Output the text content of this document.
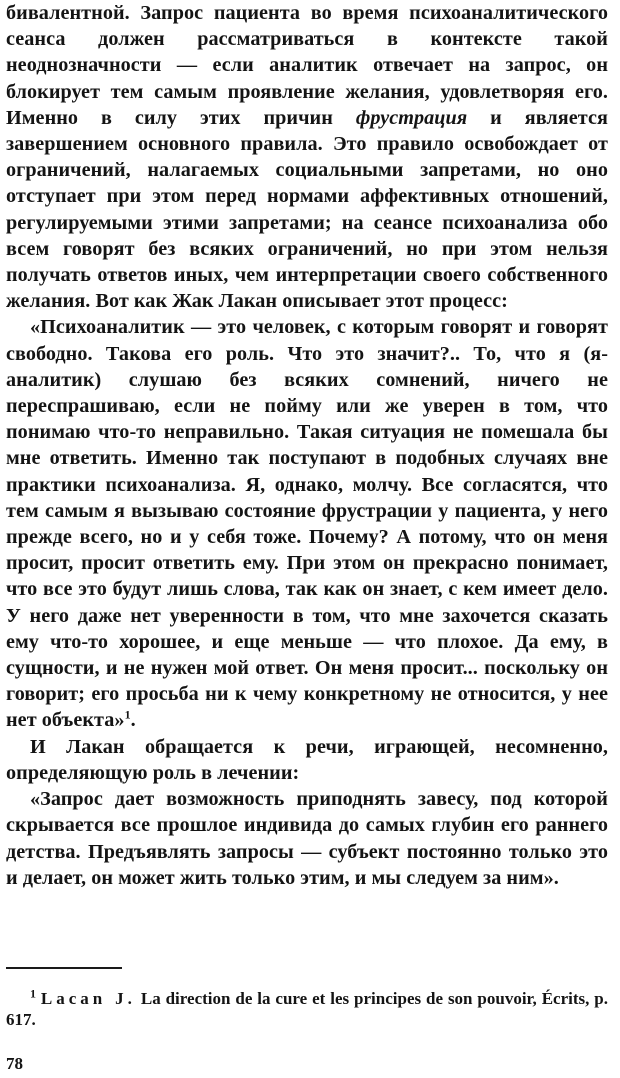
бивалентной. Запрос пациента во время психоаналитического сеанса должен рассматриваться в контексте такой неоднозначности — если аналитик отвечает на запрос, он блокирует тем самым проявление желания, удовлетворяя его. Именно в силу этих причин фрустрация и является завершением основного правила. Это правило освобождает от ограничений, налагаемых социальными запретами, но оно отступает при этом перед нормами аффективных отношений, регулируемыми этими запретами; на сеансе психоанализа обо всем говорят без всяких ограничений, но при этом нельзя получать ответов иных, чем интерпретации своего собственного желания. Вот как Жак Лакан описывает этот процесс:

«Психоаналитик — это человек, с которым говорят и говорят свободно. Такова его роль. Что это значит?.. То, что я (я-аналитик) слушаю без всяких сомнений, ничего не переспрашиваю, если не пойму или же уверен в том, что понимаю что-то неправильно. Такая ситуация не помешала бы мне ответить. Именно так поступают в подобных случаях вне практики психоанализа. Я, однако, молчу. Все согласятся, что тем самым я вызываю состояние фрустрации у пациента, у него прежде всего, но и у себя тоже. Почему? А потому, что он меня просит, просит ответить ему. При этом он прекрасно понимает, что все это будут лишь слова, так как он знает, с кем имеет дело. У него даже нет уверенности в том, что мне захочется сказать ему что-то хорошее, и еще меньше — что плохое. Да ему, в сущности, и не нужен мой ответ. Он меня просит... поскольку он говорит; его просьба ни к чему конкретному не относится, у нее нет объекта»$^1$.

И Лакан обращается к речи, играющей, несомненно, определяющую роль в лечении:

«Запрос дает возможность приподнять завесу, под которой скрывается все прошлое индивида до самых глубин его раннего детства. Предъявлять запросы — субъект постоянно только это и делает, он может жить только этим, и мы следуем за ним».

$^1$ Lacan J. La direction de la cure et les principes de son pouvoir, Écrits, p. 617.
78
